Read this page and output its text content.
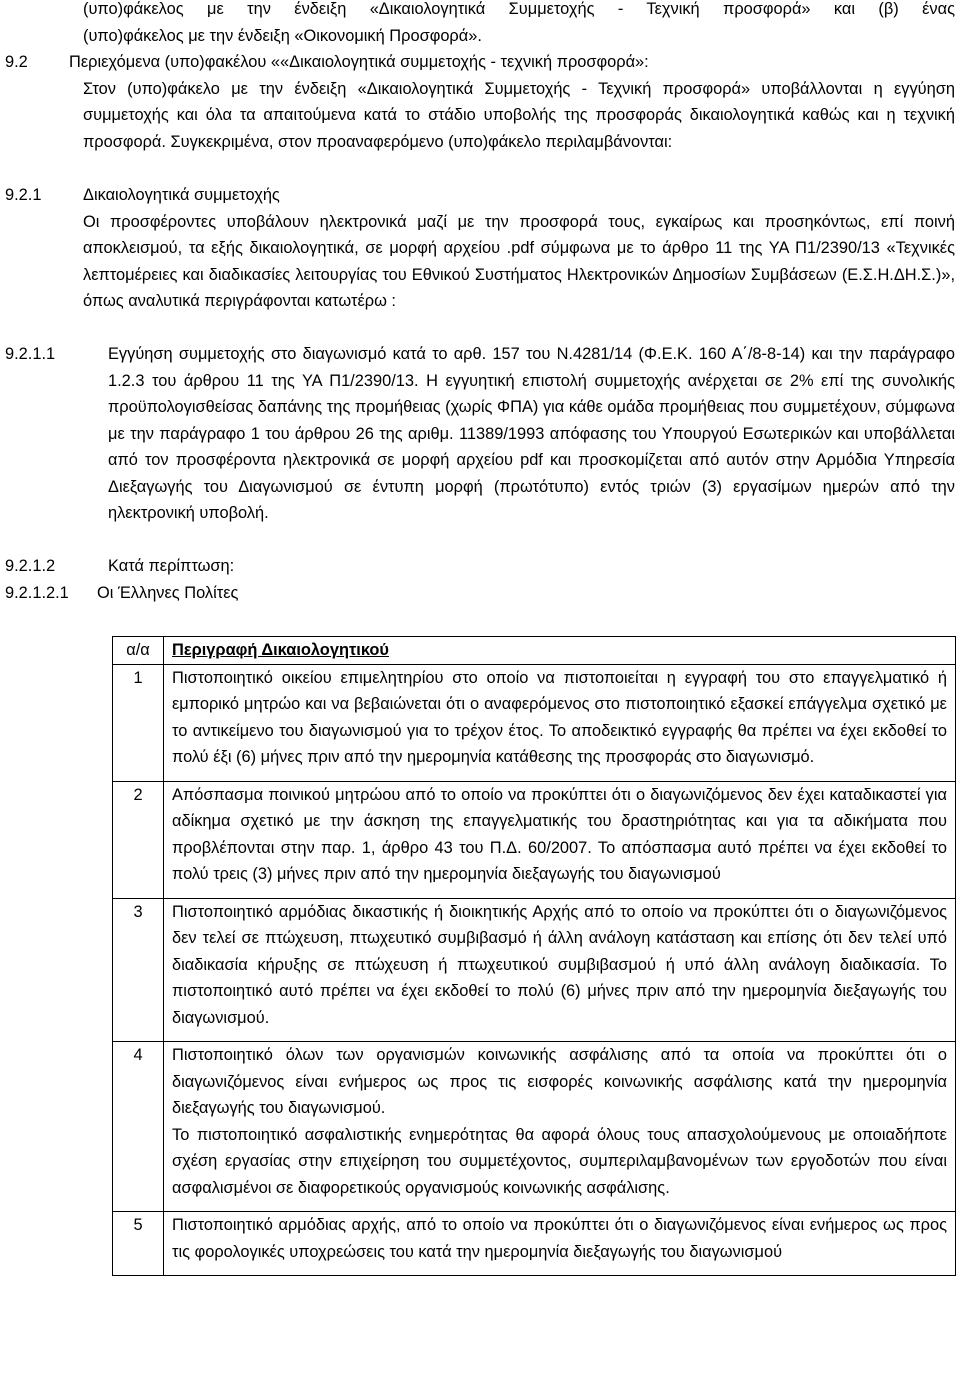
(υπο)φάκελος με την ένδειξη «Δικαιολογητικά Συμμετοχής - Τεχνική προσφορά» και (β) ένας
(υπο)φάκελος με την ένδειξη «Οικονομική Προσφορά».
9.2	Περιεχόμενα (υπο)φακέλου ««Δικαιολογητικά συμμετοχής - τεχνική προσφορά»:
Στον (υπο)φάκελο με την ένδειξη «Δικαιολογητικά Συμμετοχής - Τεχνική προσφορά» υποβάλλονται η εγγύηση συμμετοχής και όλα τα απαιτούμενα κατά το στάδιο υποβολής της προσφοράς δικαιολογητικά καθώς και η τεχνική προσφορά. Συγκεκριμένα, στον προαναφερόμενο (υπο)φάκελο περιλαμβάνονται:
9.2.1	Δικαιολογητικά συμμετοχής
Οι προσφέροντες υποβάλουν ηλεκτρονικά μαζί με την προσφορά τους, εγκαίρως και προσηκόντως, επί ποινή αποκλεισμού, τα εξής δικαιολογητικά, σε μορφή αρχείου .pdf σύμφωνα με το άρθρο 11 της ΥΑ Π1/2390/13 «Τεχνικές λεπτομέρειες και διαδικασίες λειτουργίας του Εθνικού Συστήματος Ηλεκτρονικών Δημοσίων Συμβάσεων (Ε.Σ.Η.ΔΗ.Σ.)», όπως αναλυτικά περιγράφονται κατωτέρω :
9.2.1.1	Εγγύηση συμμετοχής στο διαγωνισμό κατά το αρθ. 157 του Ν.4281/14 (Φ.Ε.Κ. 160 Α΄/8-8-14) και την παράγραφο 1.2.3 του άρθρου 11 της ΥΑ Π1/2390/13. Η εγγυητική επιστολή συμμετοχής ανέρχεται σε 2% επί της συνολικής προϋπολογισθείσας δαπάνης της προμήθειας (χωρίς ΦΠΑ) για κάθε ομάδα προμήθειας που συμμετέχουν, σύμφωνα με την παράγραφο 1 του άρθρου 26 της αριθμ. 11389/1993 απόφασης του Υπουργού Εσωτερικών και υποβάλλεται από τον προσφέροντα ηλεκτρονικά σε μορφή αρχείου pdf και προσκομίζεται από αυτόν στην Αρμόδια Υπηρεσία Διεξαγωγής του Διαγωνισμού σε έντυπη μορφή (πρωτότυπο) εντός τριών (3) εργασίμων ημερών από την ηλεκτρονική υποβολή.
9.2.1.2	Κατά περίπτωση:
9.2.1.2.1 Οι Έλληνες Πολίτες
α/α	Περιγραφή Δικαιολογητικού
1	Πιστοποιητικό οικείου επιμελητηρίου στο οποίο να πιστοποιείται η εγγραφή του στο επαγγελματικό ή εμπορικό μητρώο και να βεβαιώνεται ότι ο αναφερόμενος στο πιστοποιητικό εξασκεί επάγγελμα σχετικό με το αντικείμενο του διαγωνισμού για το τρέχον έτος. Το αποδεικτικό εγγραφής θα πρέπει να έχει εκδοθεί το πολύ έξι (6) μήνες πριν από την ημερομηνία κατάθεσης της προσφοράς στο διαγωνισμό.

2	Απόσπασμα ποινικού μητρώου από το οποίο να προκύπτει ότι ο διαγωνιζόμενος δεν έχει καταδικαστεί για αδίκημα σχετικό με την άσκηση της επαγγελματικής του δραστηριότητας και για τα αδικήματα που προβλέπονται στην παρ. 1, άρθρο 43 του Π.Δ. 60/2007. Το απόσπασμα αυτό πρέπει να έχει εκδοθεί το πολύ τρεις (3) μήνες πριν από την ημερομηνία διεξαγωγής του διαγωνισμού

3	Πιστοποιητικό αρμόδιας δικαστικής ή διοικητικής Αρχής από το οποίο να προκύπτει ότι ο διαγωνιζόμενος δεν τελεί σε πτώχευση, πτωχευτικό συμβιβασμό ή άλλη ανάλογη κατάσταση και επίσης ότι δεν τελεί υπό διαδικασία κήρυξης σε πτώχευση ή πτωχευτικού συμβιβασμού ή υπό άλλη ανάλογη διαδικασία. Το πιστοποιητικό αυτό πρέπει να έχει εκδοθεί το πολύ (6) μήνες πριν από την ημερομηνία διεξαγωγής του διαγωνισμού.

4	Πιστοποιητικό όλων των οργανισμών κοινωνικής ασφάλισης από τα οποία να προκύπτει ότι ο διαγωνιζόμενος είναι ενήμερος ως προς τις εισφορές κοινωνικής ασφάλισης κατά την ημερομηνία διεξαγωγής του διαγωνισμού.

Το πιστοποιητικό ασφαλιστικής ενημερότητας θα αφορά όλους τους απασχολούμενους με οποιαδήποτε σχέση εργασίας στην επιχείρηση του συμμετέχοντος, συμπεριλαμβανομένων των εργοδοτών που είναι ασφαλισμένοι σε διαφορετικούς οργανισμούς κοινωνικής ασφάλισης.

5	Πιστοποιητικό αρμόδιας αρχής, από το οποίο να προκύπτει ότι ο διαγωνιζόμενος είναι ενήμερος ως προς τις φορολογικές υποχρεώσεις του κατά την ημερομηνία διεξαγωγής του διαγωνισμού
